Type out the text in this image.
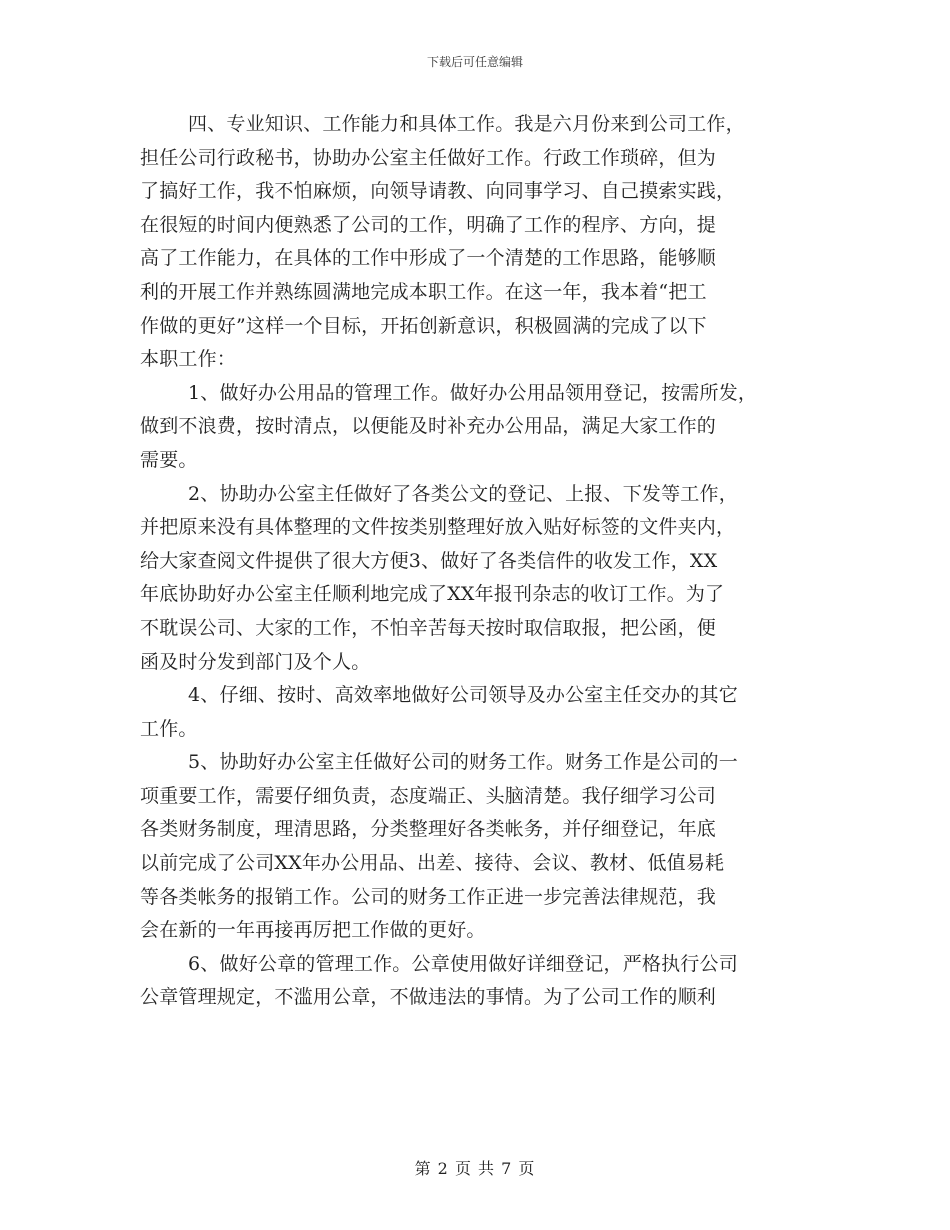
下载后可任意编辑
四、专业知识、工作能力和具体工作。我是六月份来到公司工作，
担任公司行政秘书，协助办公室主任做好工作。行政工作琐碎，但为
了搞好工作，我不怕麻烦，向领导请教、向同事学习、自己摸索实践，
在很短的时间内便熟悉了公司的工作，明确了工作的程序、方向，提
高了工作能力，在具体的工作中形成了一个清楚的工作思路，能够顺
利的开展工作并熟练圆满地完成本职工作。在这一年，我本着“把工
作做的更好”这样一个目标，开拓创新意识，积极圆满的完成了以下
本职工作：
1、做好办公用品的管理工作。做好办公用品领用登记，按需所发，
做到不浪费，按时清点，以便能及时补充办公用品，满足大家工作的
需要。
2、协助办公室主任做好了各类公文的登记、上报、下发等工作，
并把原来没有具体整理的文件按类别整理好放入贴好标签的文件夹内，
给大家查阅文件提供了很大方便3、做好了各类信件的收发工作，XX
年底协助好办公室主任顺利地完成了XX年报刊杂志的收订工作。为了
不耽误公司、大家的工作，不怕辛苦每天按时取信取报，把公函，便
函及时分发到部门及个人。
4、仔细、按时、高效率地做好公司领导及办公室主任交办的其它
工作。
5、协助好办公室主任做好公司的财务工作。财务工作是公司的一
项重要工作，需要仔细负责，态度端正、头脑清楚。我仔细学习公司
各类财务制度，理清思路，分类整理好各类帐务，并仔细登记，年底
以前完成了公司XX年办公用品、出差、接待、会议、教材、低值易耗
等各类帐务的报销工作。公司的财务工作正进一步完善法律规范，我
会在新的一年再接再厉把工作做的更好。
6、做好公章的管理工作。公章使用做好详细登记，严格执行公司
公章管理规定，不滥用公章，不做违法的事情。为了公司工作的顺利
第 2 页 共 7 页
